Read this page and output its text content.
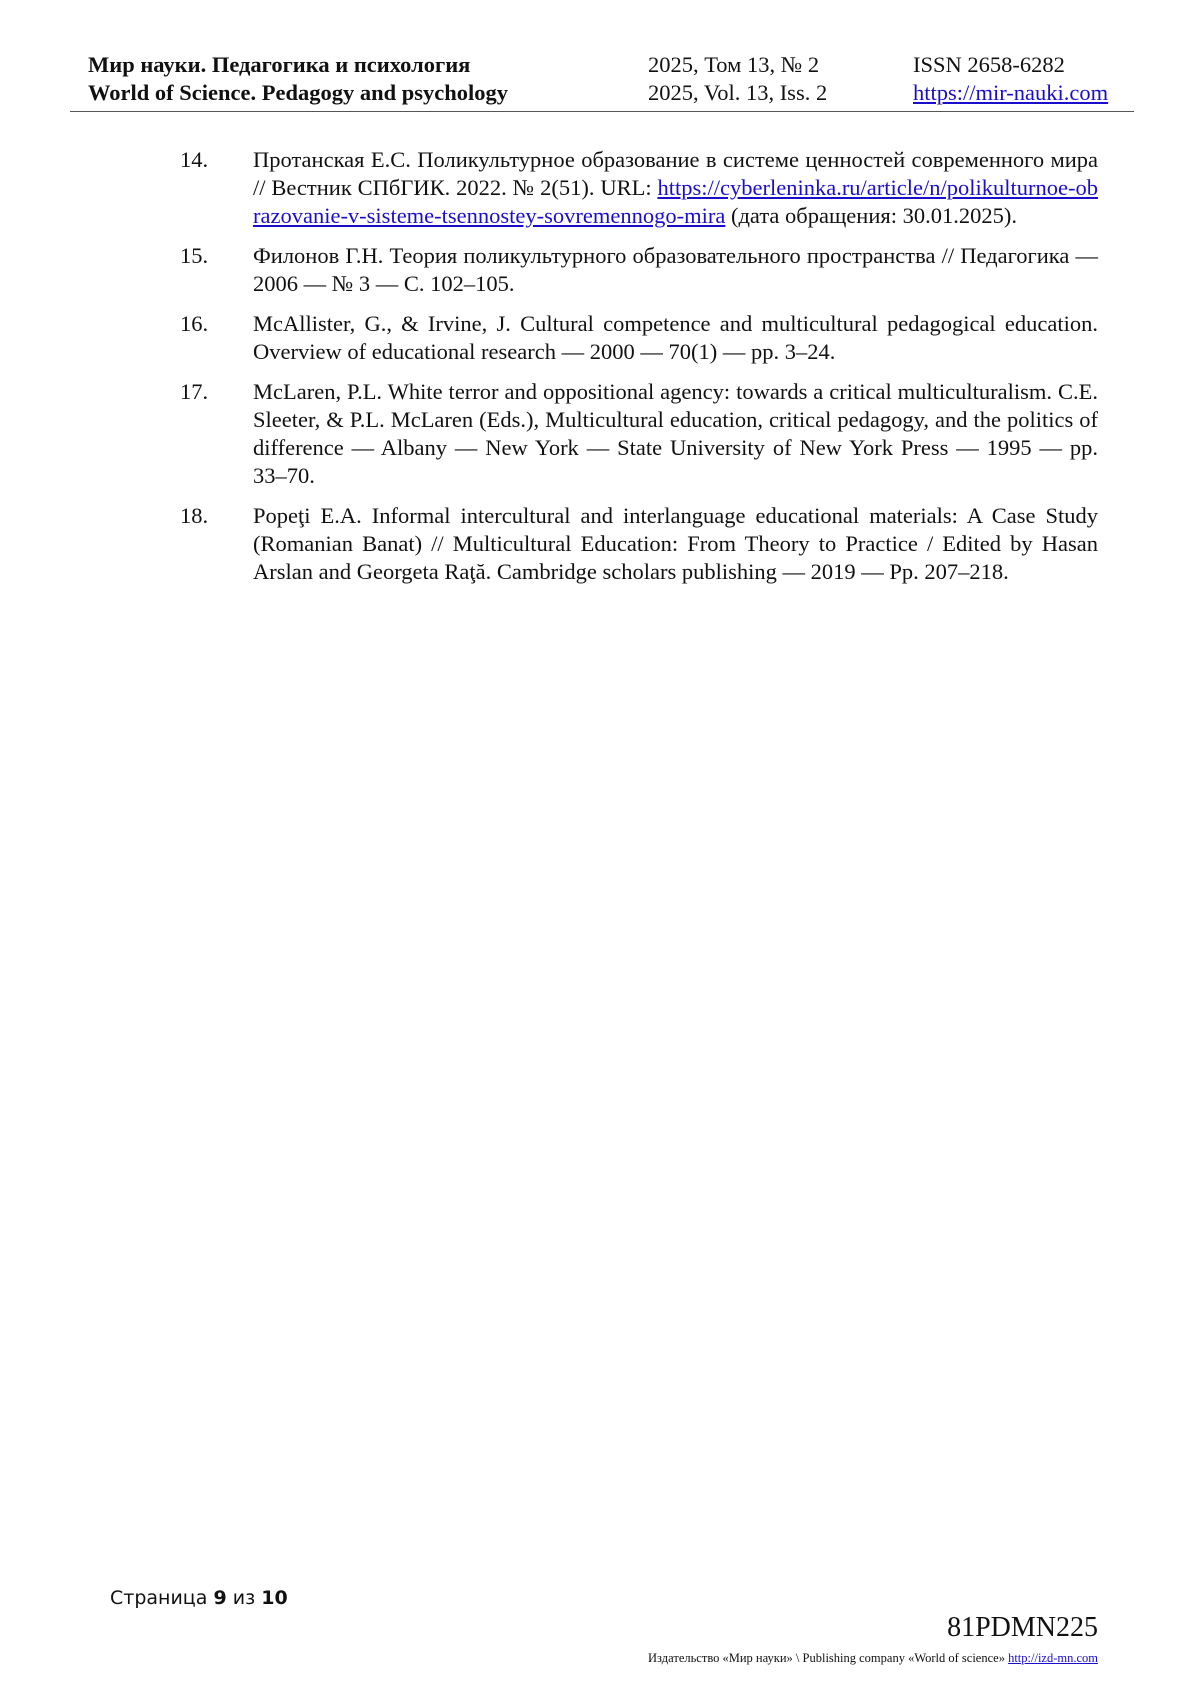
Мир науки. Педагогика и психология	2025, Том 13, № 2	ISSN 2658-6282
World of Science. Pedagogy and psychology	2025, Vol. 13, Iss. 2	https://mir-nauki.com
14.	Протанская Е.С. Поликультурное образование в системе ценностей современного мира // Вестник СПбГИК. 2022. № 2(51). URL: https://cyberleninka.ru/article/n/polikulturnoe-obrazovanie-v-sisteme-tsennostey-sovremennogo-mira (дата обращения: 30.01.2025).
15.	Филонов Г.Н. Теория поликультурного образовательного пространства // Педагогика — 2006 — № 3 — С. 102–105.
16.	McAllister, G., & Irvine, J. Cultural competence and multicultural pedagogical education. Overview of educational research — 2000 — 70(1) — pp. 3–24.
17.	McLaren, P.L. White terror and oppositional agency: towards a critical multiculturalism. C.E. Sleeter, & P.L. McLaren (Eds.), Multicultural education, critical pedagogy, and the politics of difference — Albany — New York — State University of New York Press — 1995 — pp. 33–70.
18.	Popeţi E.A. Informal intercultural and interlanguage educational materials: A Case Study (Romanian Banat) // Multicultural Education: From Theory to Practice / Edited by Hasan Arslan and Georgeta Raţă. Cambridge scholars publishing — 2019 — Pp. 207–218.
Страница 9 из 10
81PDMN225
Издательство «Мир науки» \ Publishing company «World of science» http://izd-mn.com
